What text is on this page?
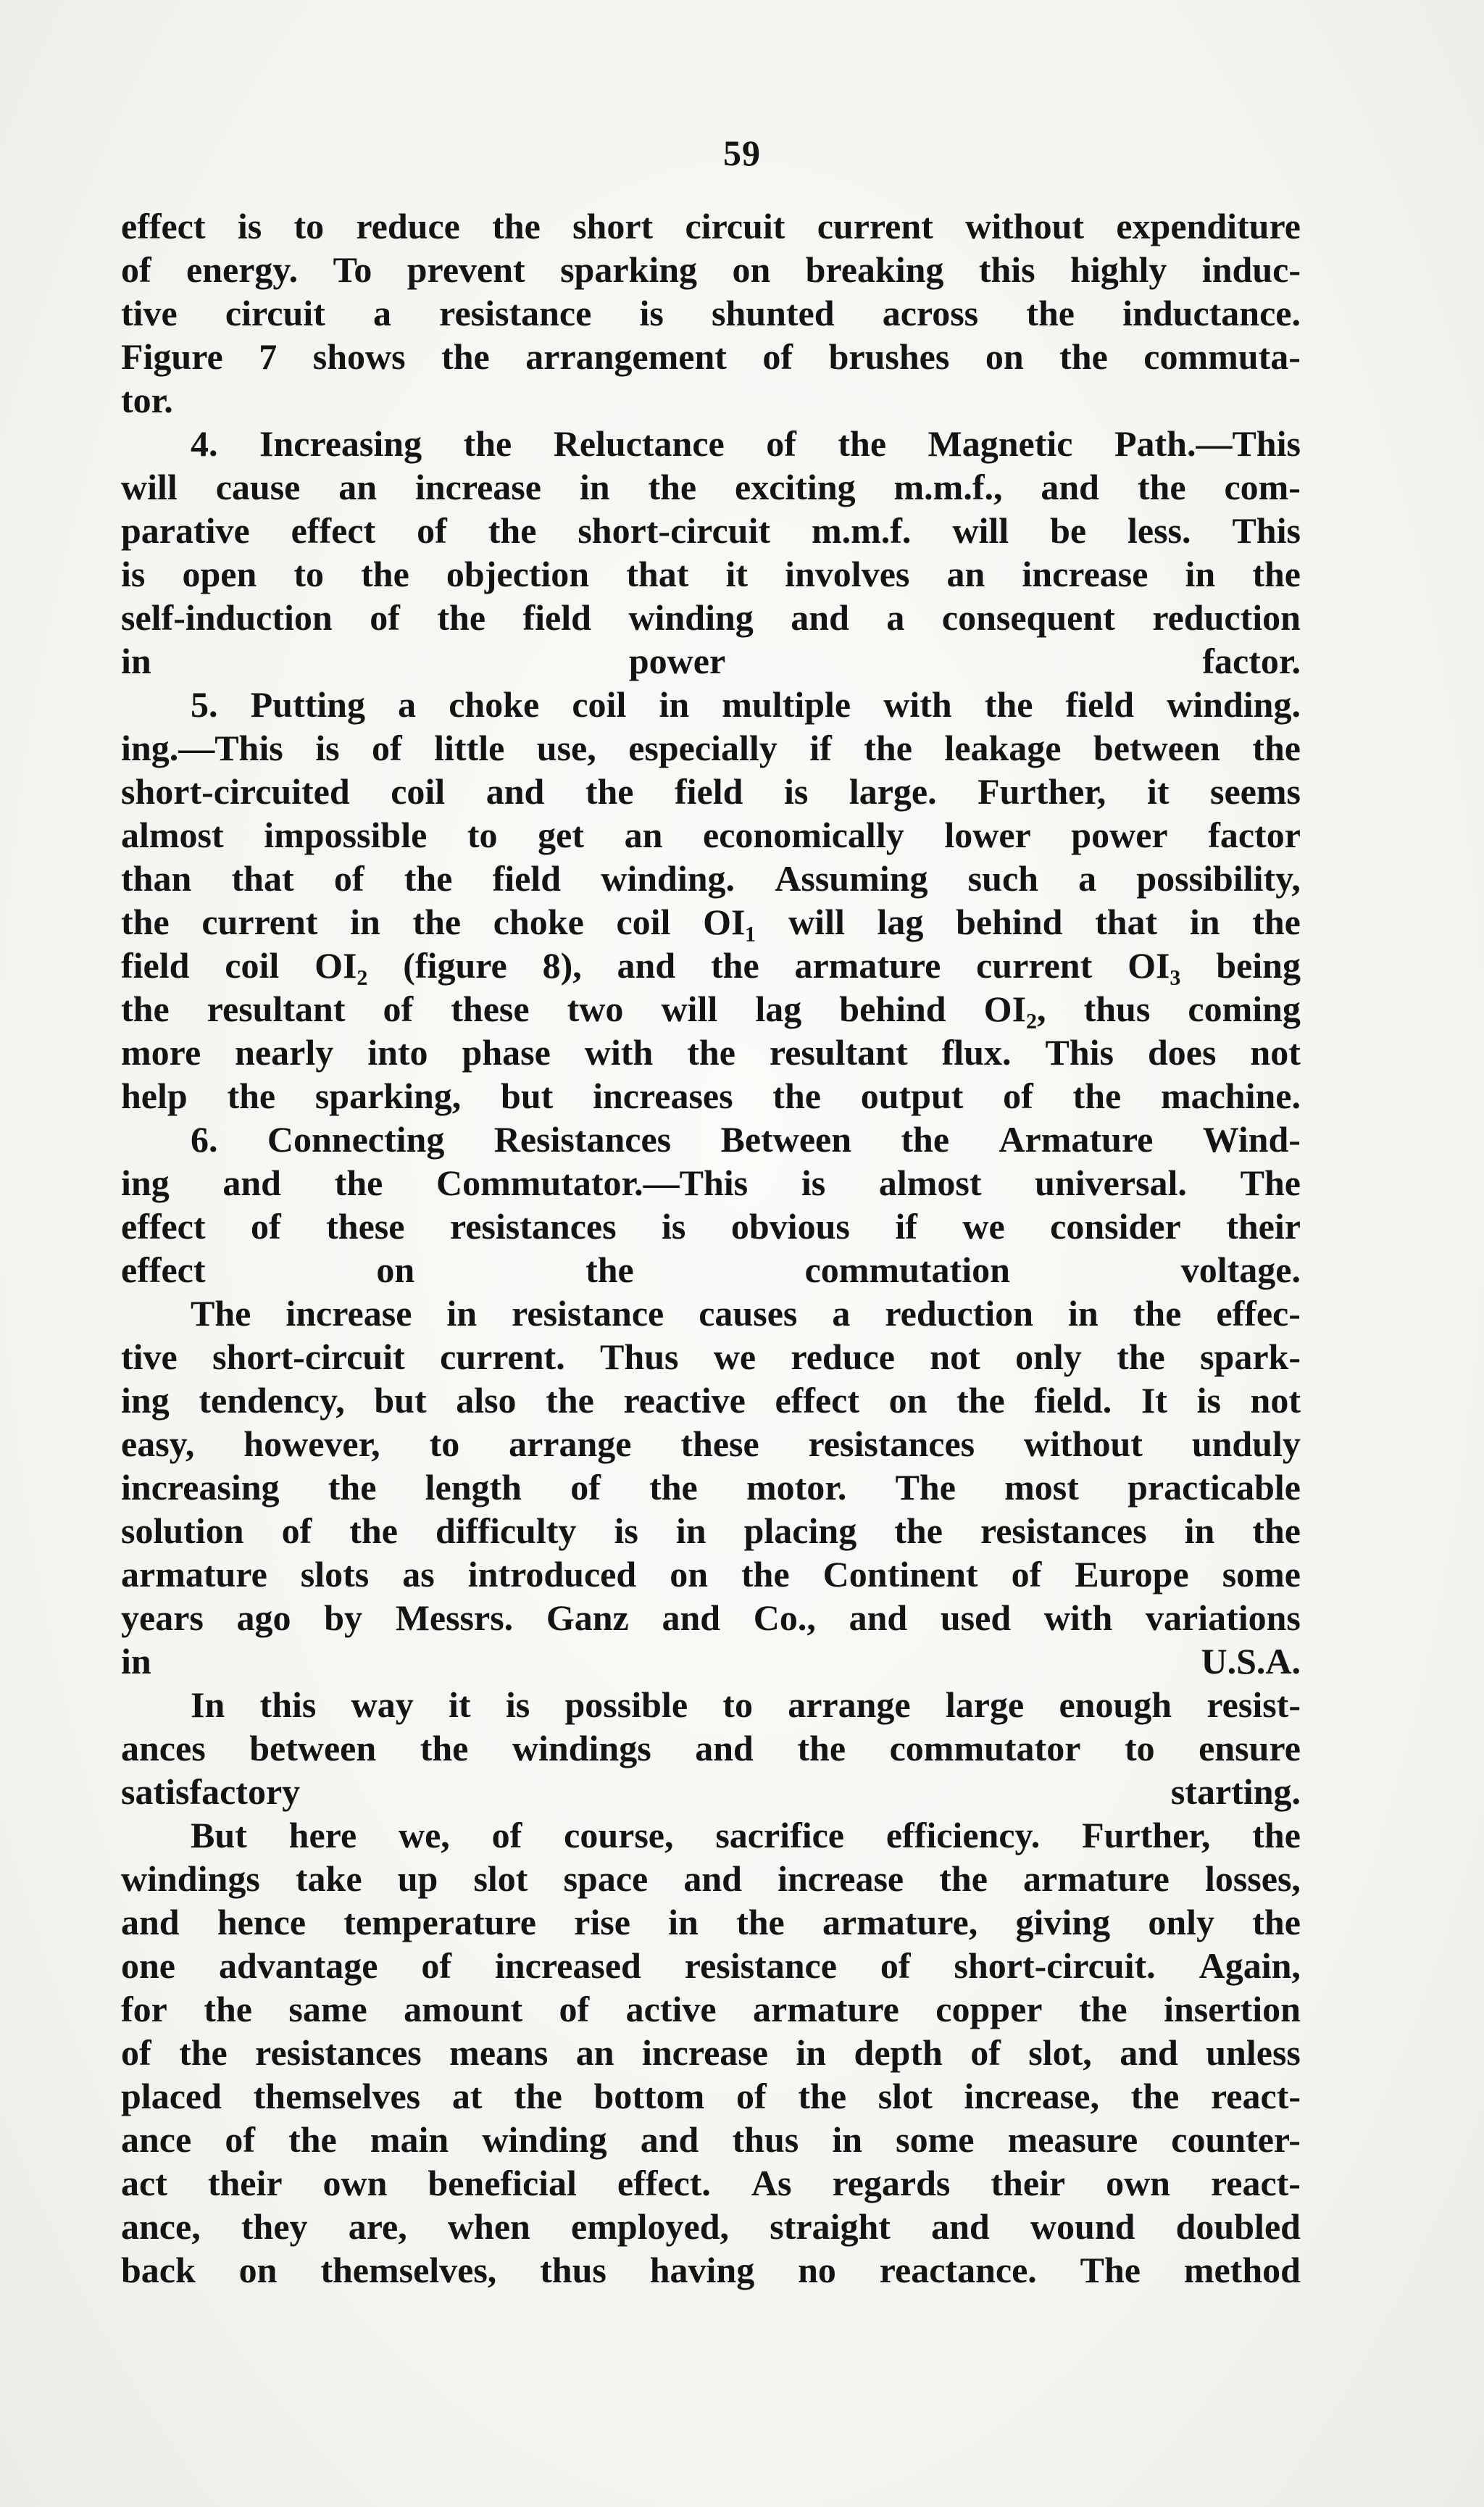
59
effect is to reduce the short circuit current without expenditure
of energy. To prevent sparking on breaking this highly induc-
tive circuit a resistance is shunted across the inductance.
Figure 7 shows the arrangement of brushes on the commuta-
tor.
4. Increasing the Reluctance of the Magnetic Path.—This
will cause an increase in the exciting m.m.f., and the com-
parative effect of the short-circuit m.m.f. will be less. This
is open to the objection that it involves an increase in the
self-induction of the field winding and a consequent reduction
in power factor.
5. Putting a choke coil in multiple with the field winding.
ing.—This is of little use, especially if the leakage between the
short-circuited coil and the field is large. Further, it seems
almost impossible to get an economically lower power factor
than that of the field winding. Assuming such a possibility,
the current in the choke coil OI₁ will lag behind that in the
field coil OI₂ (figure 8), and the armature current OI₃ being
the resultant of these two will lag behind OI₂, thus coming
more nearly into phase with the resultant flux. This does not
help the sparking, but increases the output of the machine.
6. Connecting Resistances Between the Armature Wind-
ing and the Commutator.—This is almost universal. The
effect of these resistances is obvious if we consider their
effect on the commutation voltage.
The increase in resistance causes a reduction in the effec-
tive short-circuit current. Thus we reduce not only the spark-
ing tendency, but also the reactive effect on the field. It is not
easy, however, to arrange these resistances without unduly
increasing the length of the motor. The most practicable
solution of the difficulty is in placing the resistances in the
armature slots as introduced on the Continent of Europe some
years ago by Messrs. Ganz and Co., and used with variations
in U.S.A.
In this way it is possible to arrange large enough resist-
ances between the windings and the commutator to ensure
satisfactory starting.
But here we, of course, sacrifice efficiency. Further, the
windings take up slot space and increase the armature losses,
and hence temperature rise in the armature, giving only the
one advantage of increased resistance of short-circuit. Again,
for the same amount of active armature copper the insertion
of the resistances means an increase in depth of slot, and unless
placed themselves at the bottom of the slot increase, the react-
ance of the main winding and thus in some measure counter-
act their own beneficial effect. As regards their own react-
ance, they are, when employed, straight and wound doubled
back on themselves, thus having no reactance. The method
